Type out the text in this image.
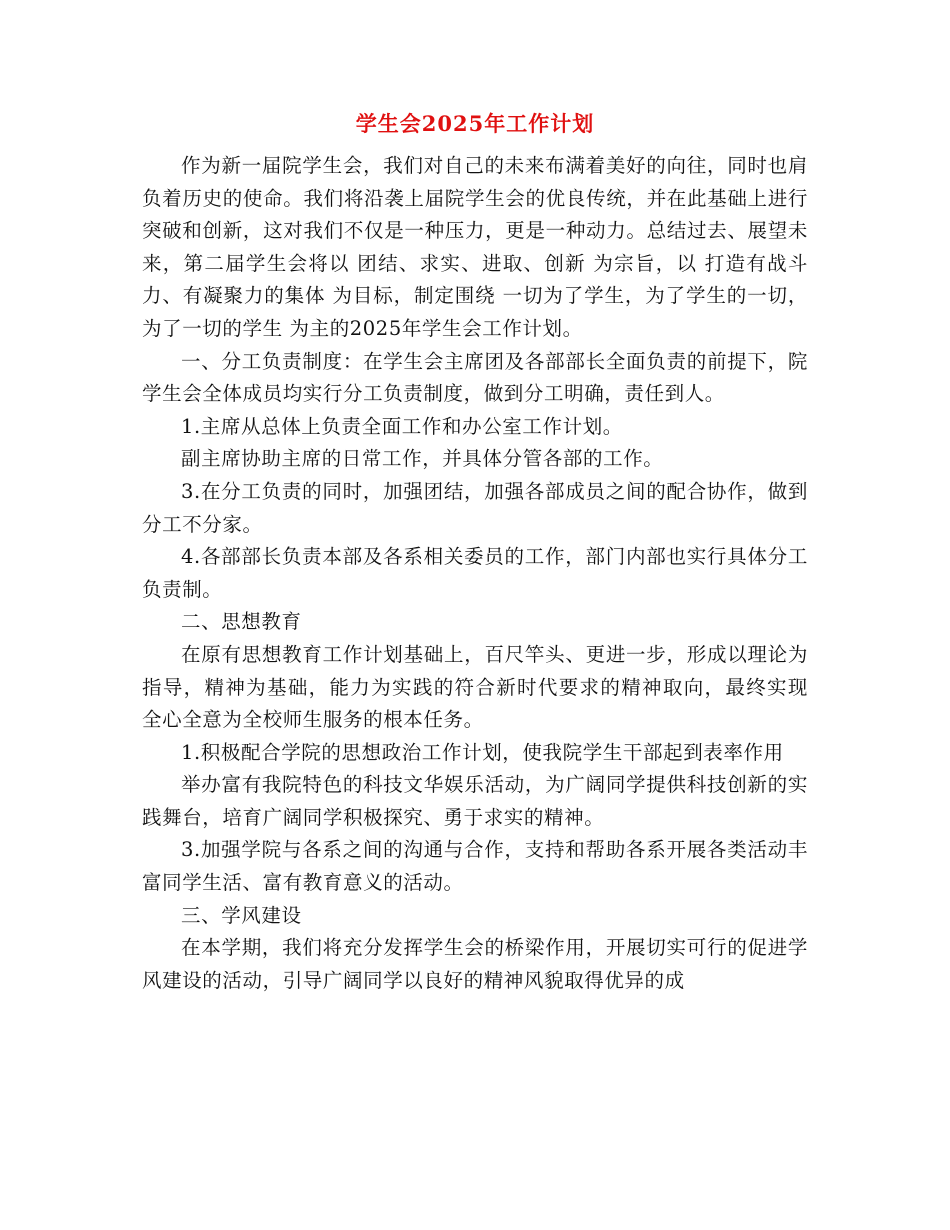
学生会2025年工作计划

作为新一届院学生会，我们对自己的未来布满着美好的向往，同时也肩负着历史的使命。我们将沿袭上届院学生会的优良传统，并在此基础上进行突破和创新，这对我们不仅是一种压力，更是一种动力。总结过去、展望未来，第二届学生会将以 团结、求实、进取、创新 为宗旨，以 打造有战斗力、有凝聚力的集体 为目标，制定围绕 一切为了学生，为了学生的一切，为了一切的学生 为主的2025年学生会工作计划。

一、分工负责制度：在学生会主席团及各部部长全面负责的前提下，院学生会全体成员均实行分工负责制度，做到分工明确，责任到人。

1.主席从总体上负责全面工作和办公室工作计划。

副主席协助主席的日常工作，并具体分管各部的工作。

3.在分工负责的同时，加强团结，加强各部成员之间的配合协作，做到分工不分家。

4.各部部长负责本部及各系相关委员的工作，部门内部也实行具体分工负责制。

二、思想教育

在原有思想教育工作计划基础上，百尺竿头、更进一步，形成以理论为指导，精神为基础，能力为实践的符合新时代要求的精神取向，最终实现 全心全意为全校师生服务的根本任务。

1.积极配合学院的思想政治工作计划，使我院学生干部起到表率作用

举办富有我院特色的科技文华娱乐活动，为广阔同学提供科技创新的实践舞台，培育广阔同学积极探究、勇于求实的精神。

3.加强学院与各系之间的沟通与合作，支持和帮助各系开展各类活动丰富同学生活、富有教育意义的活动。

三、学风建设

在本学期，我们将充分发挥学生会的桥梁作用，开展切实可行的促进学风建设的活动，引导广阔同学以良好的精神风貌取得优异的成
